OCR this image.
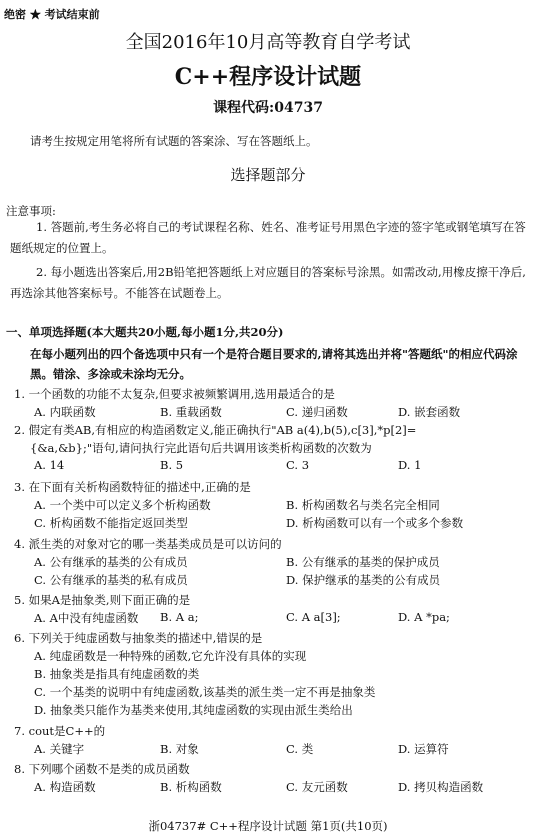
绝密 ★ 考试结束前
全国2016年10月高等教育自学考试
C++程序设计试题
课程代码:04737
请考生按规定用笔将所有试题的答案涂、写在答题纸上。
选择题部分
注意事项:
1. 答题前,考生务必将自己的考试课程名称、姓名、准考证号用黑色字迹的签字笔或钢笔填写在答题纸规定的位置上。
2. 每小题选出答案后,用2B铅笔把答题纸上对应题目的答案标号涂黑。如需改动,用橡皮擦干净后,再选涂其他答案标号。不能答在试题卷上。
一、单项选择题(本大题共20小题,每小题1分,共20分)
在每小题列出的四个备选项中只有一个是符合题目要求的,请将其选出并将"答题纸"的相应代码涂黑。错涂、多涂或未涂均无分。
1. 一个函数的功能不太复杂,但要求被频繁调用,选用最适合的是
A. 内联函数	B. 重载函数	C. 递归函数	D. 嵌套函数
2. 假定有类AB,有相应的构造函数定义,能正确执行"AB a(4),b(5),c[3],*p[2]=
{&a,&b};"语句,请问执行完此语句后共调用该类析构函数的次数为
A. 14	B. 5	C. 3	D. 1
3. 在下面有关析构函数特征的描述中,正确的是
A. 一个类中可以定义多个析构函数	B. 析构函数名与类名完全相同
C. 析构函数不能指定返回类型	D. 析构函数可以有一个或多个参数
4. 派生类的对象对它的哪一类基类成员是可以访问的
A. 公有继承的基类的公有成员	B. 公有继承的基类的保护成员
C. 公有继承的基类的私有成员	D. 保护继承的基类的公有成员
5. 如果A是抽象类,则下面正确的是
A. A中没有纯虚函数 B. A a;	C. A a[3];	D. A *pa;
6. 下列关于纯虚函数与抽象类的描述中,错误的是
A. 纯虚函数是一种特殊的函数,它允许没有具体的实现
B. 抽象类是指具有纯虚函数的类
C. 一个基类的说明中有纯虚函数,该基类的派生类一定不再是抽象类
D. 抽象类只能作为基类来使用,其纯虚函数的实现由派生类给出
7. cout是C++的
A. 关键字	B. 对象	C. 类	D. 运算符
8. 下列哪个函数不是类的成员函数
A. 构造函数	B. 析构函数	C. 友元函数	D. 拷贝构造函数
浙04737# C++程序设计试题 第1页(共10页)
